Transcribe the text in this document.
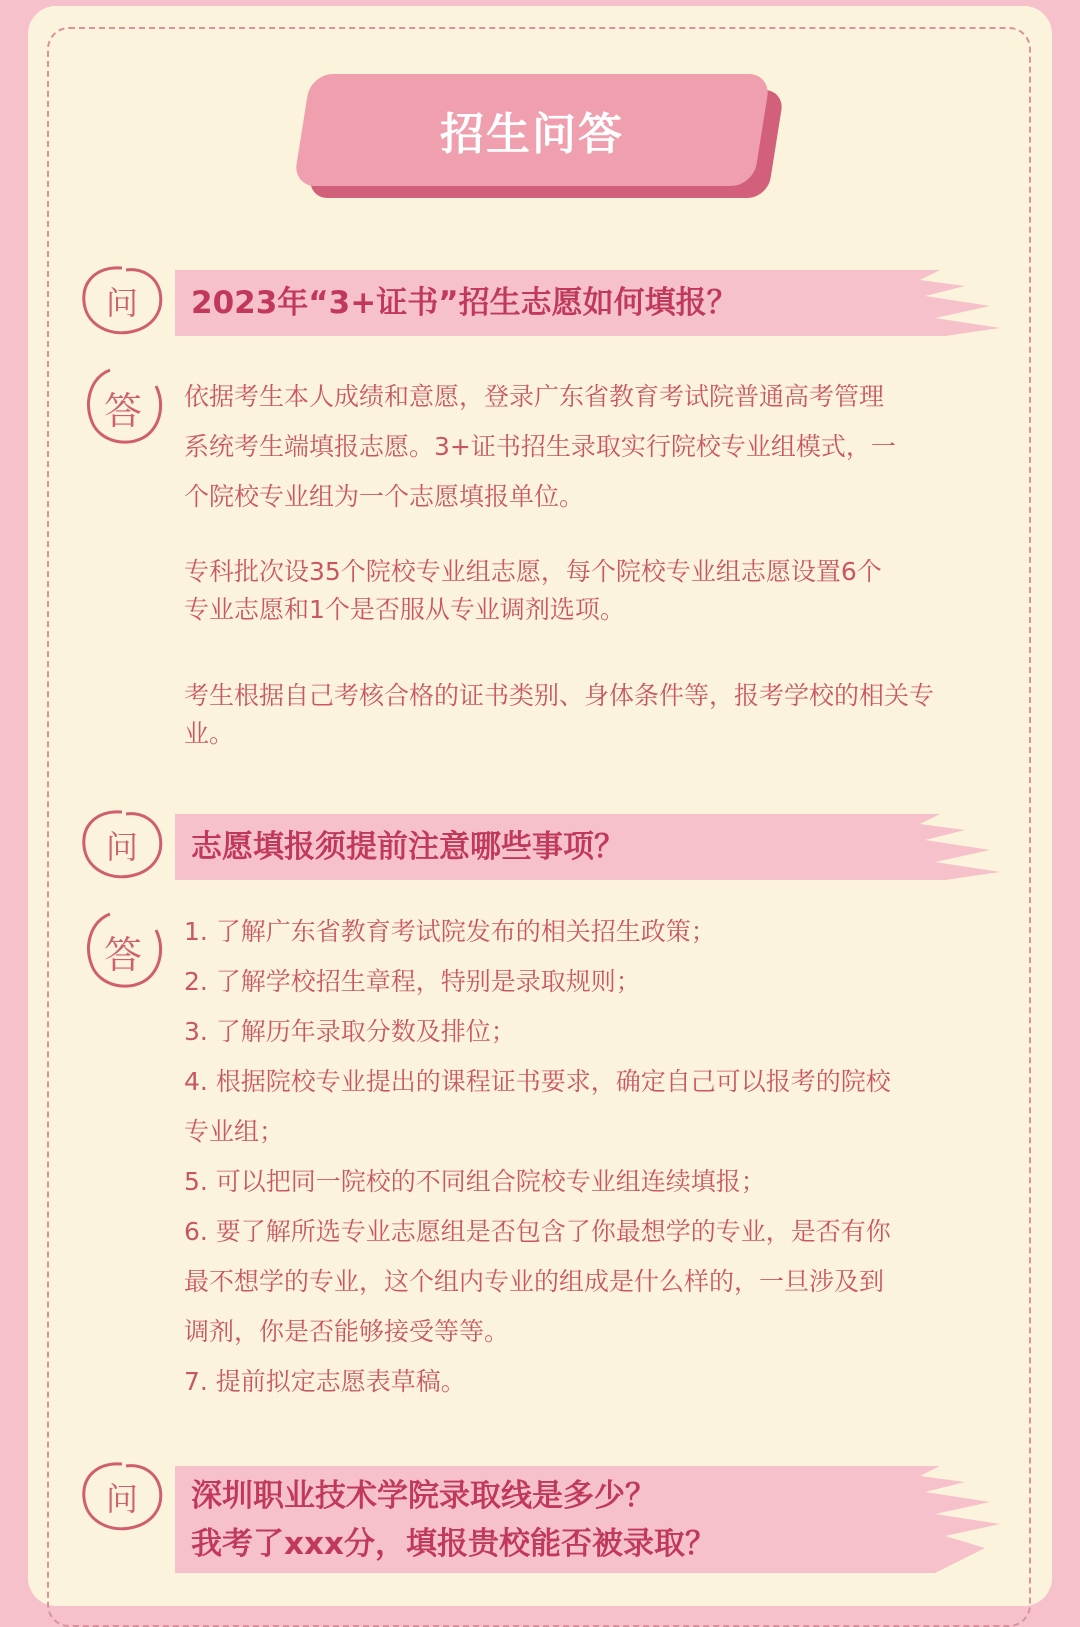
招生问答
问	2023年“3+证书”招生志愿如何填报？
答	依据考生本人成绩和意愿，登录广东省教育考试院普通高考管理

系统考生端填报志愿。3+证书招生录取实行院校专业组模式，一

个院校专业组为一个志愿填报单位。

专科批次设35个院校专业组志愿，每个院校专业组志愿设置6个

专业志愿和1个是否服从专业调剂选项。

考生根据自己考核合格的证书类别、身体条件等，报考学校的相关专

业。

问	志愿填报须提前注意哪些事项？
答

1. 了解广东省教育考试院发布的相关招生政策；

2. 了解学校招生章程，特别是录取规则；

3. 了解历年录取分数及排位；

4. 根据院校专业提出的课程证书要求，确定自己可以报考的院校

专业组；

5. 可以把同一院校的不同组合院校专业组连续填报；

6. 要了解所选专业志愿组是否包含了你最想学的专业，是否有你

最不想学的专业，这个组内专业的组成是什么样的，一旦涉及到

调剂，你是否能够接受等等。

7. 提前拟定志愿表草稿。

问	深圳职业技术学院录取线是多少？
我考了xxx分，填报贵校能否被录取？
